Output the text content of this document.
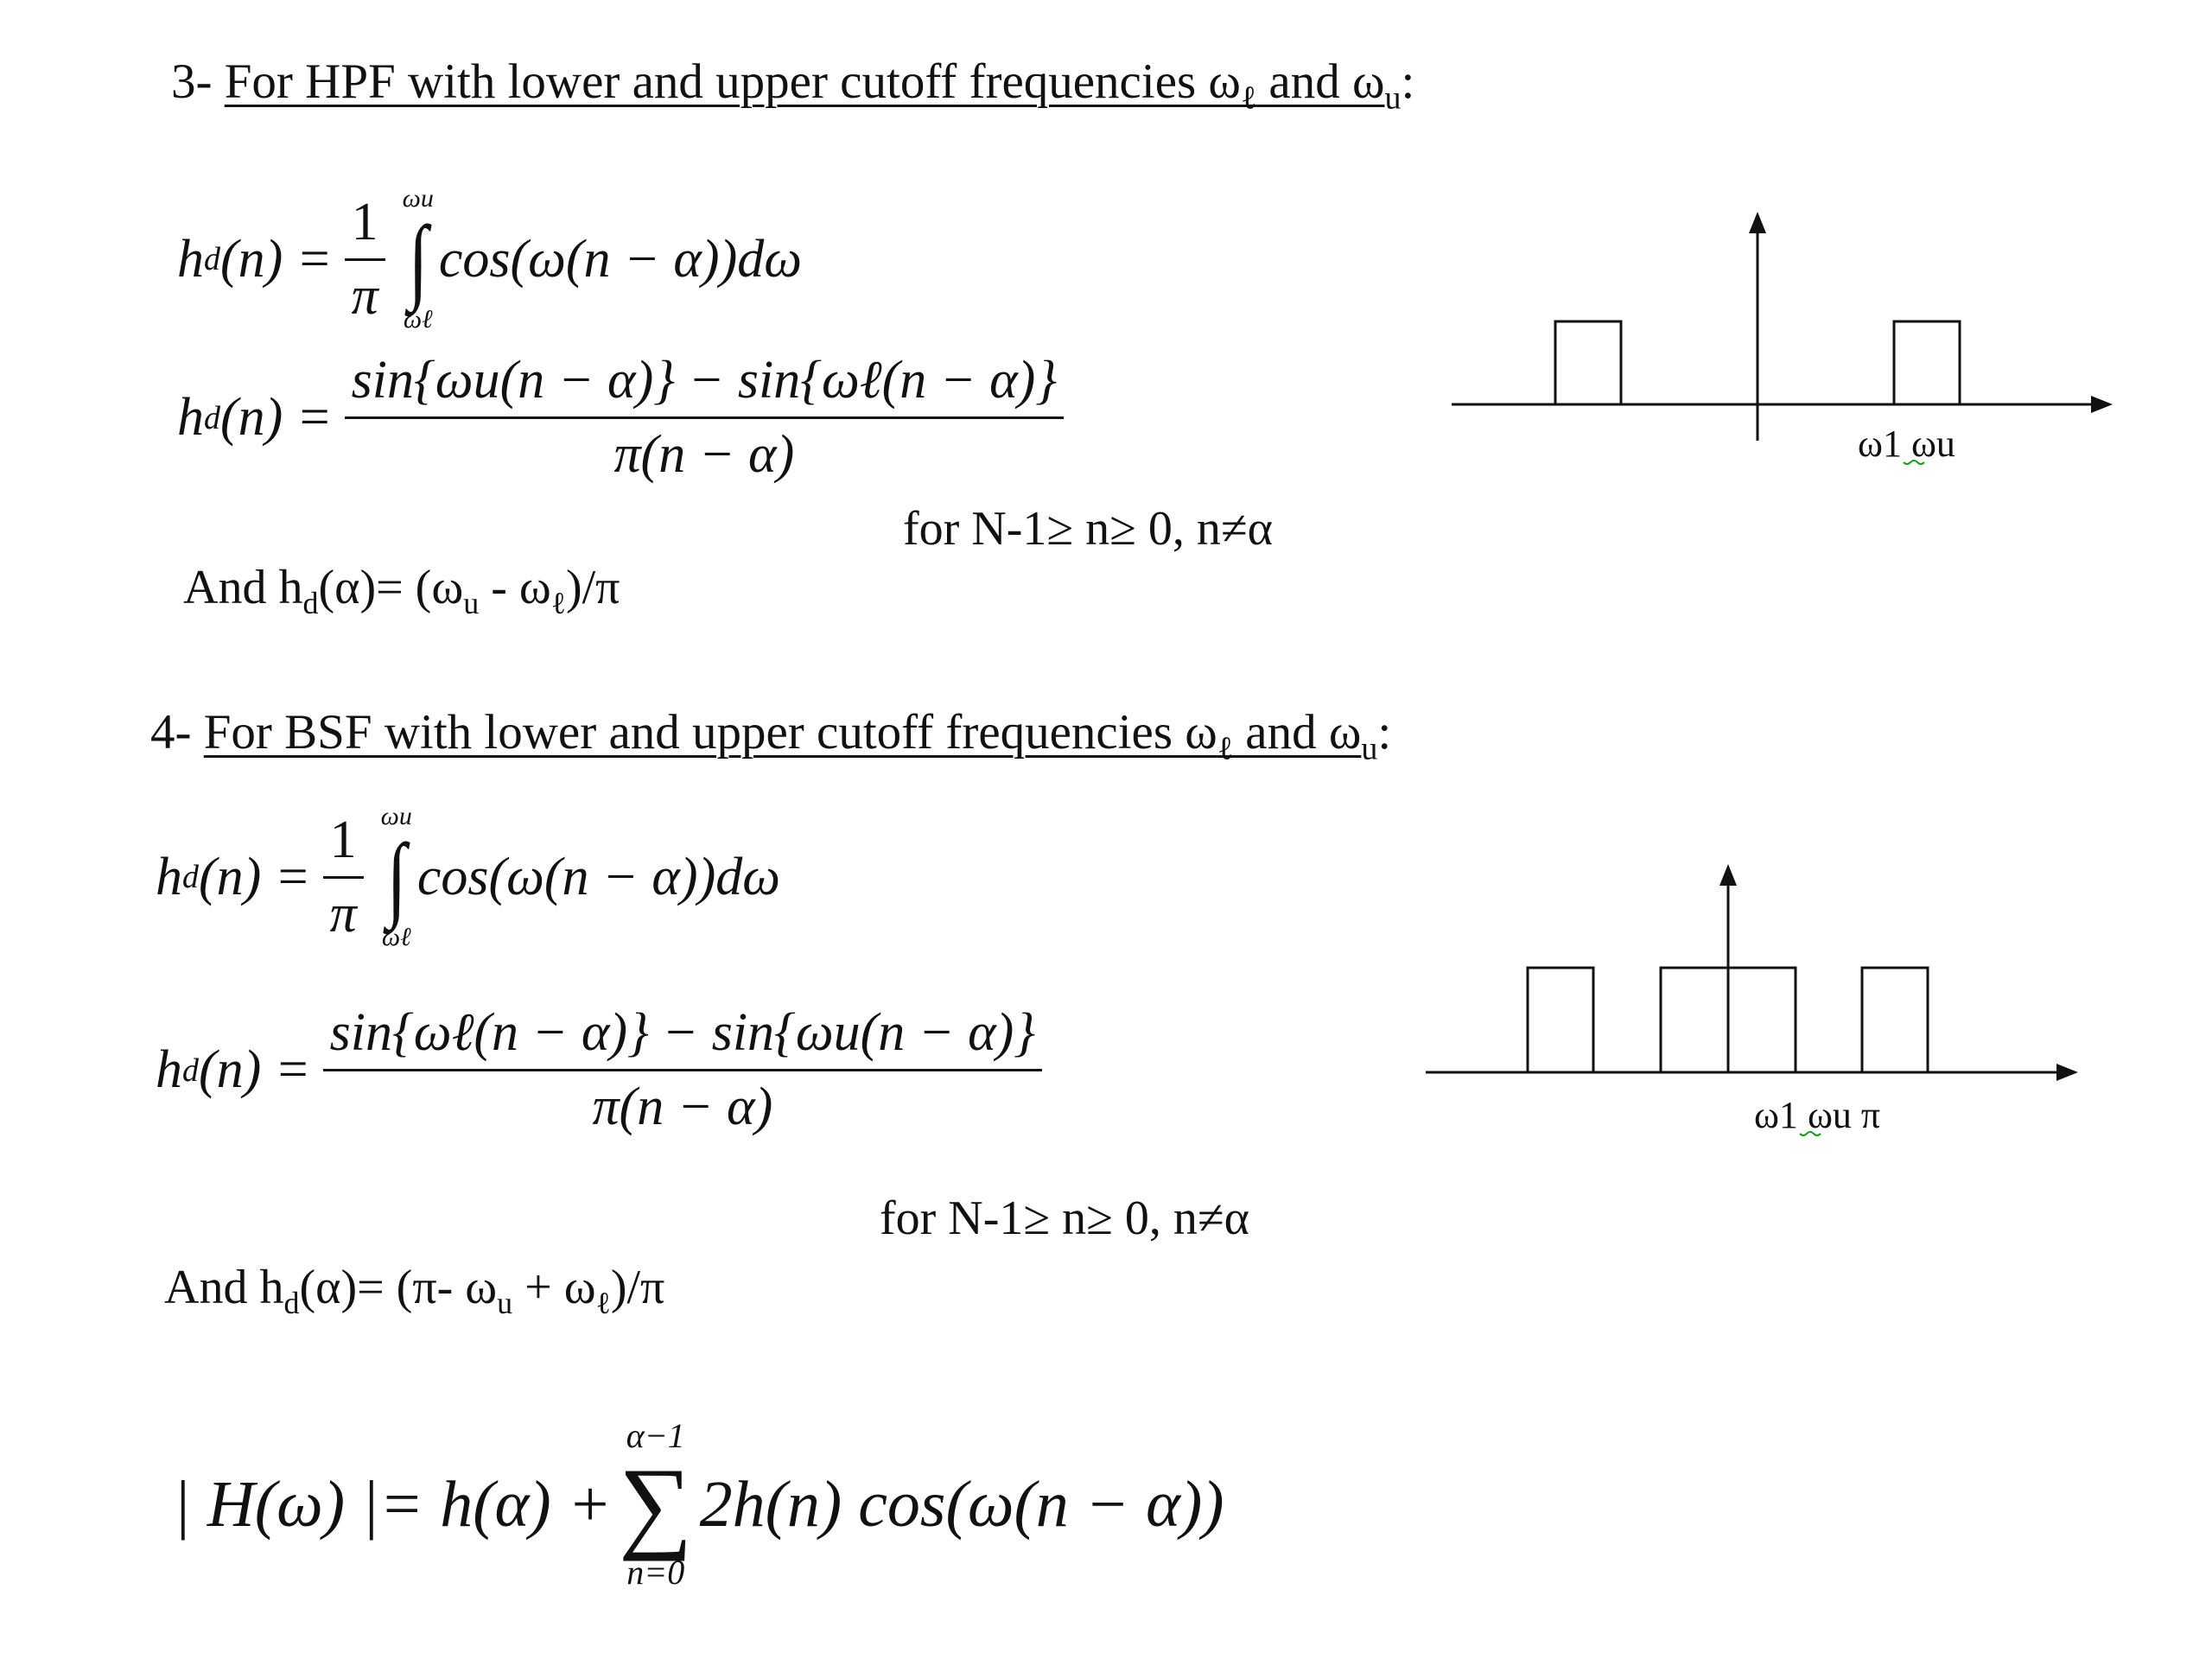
3- For HPF with lower and upper cutoff frequencies $\omega_\ell$ and $\omega_u$:
h d $(n) = \frac{1}{\pi}$ ωu
∫
ωℓ
cos(ω(n − α))dω
h d $(n) = \frac{\text{sin\{ωu(n − α)\} − sin\{ωℓ(n − α)\}}}{\pi(n - \alpha)}$
for N-1≥ n≥ 0, n≠α
And $h_d(\alpha)= (\omega_u - \omega_\ell)/\pi$
4- For BSF with lower and upper cutoff frequencies $\omega_\ell$ and $\omega_u$:
h d $(n) = \frac{1}{\pi}$ ωu
∫
ωℓ
cos(ω(n − α))dω
h d $(n) = \frac{\text{sin\{ωℓ(n − α)\} − sin\{ωu(n − α)\}}}{\pi(n - \alpha)}$
for N-1≥ n≥ 0, n≠α
And $h_d(\alpha)= (\pi-$ $\omega_u + \omega_\ell)/\pi$
| H(ω) |= h(α) +
α−1
∑
n=0
2h(n) cos(ω(n − α))
ω1 ωu
ω1 ωu π
